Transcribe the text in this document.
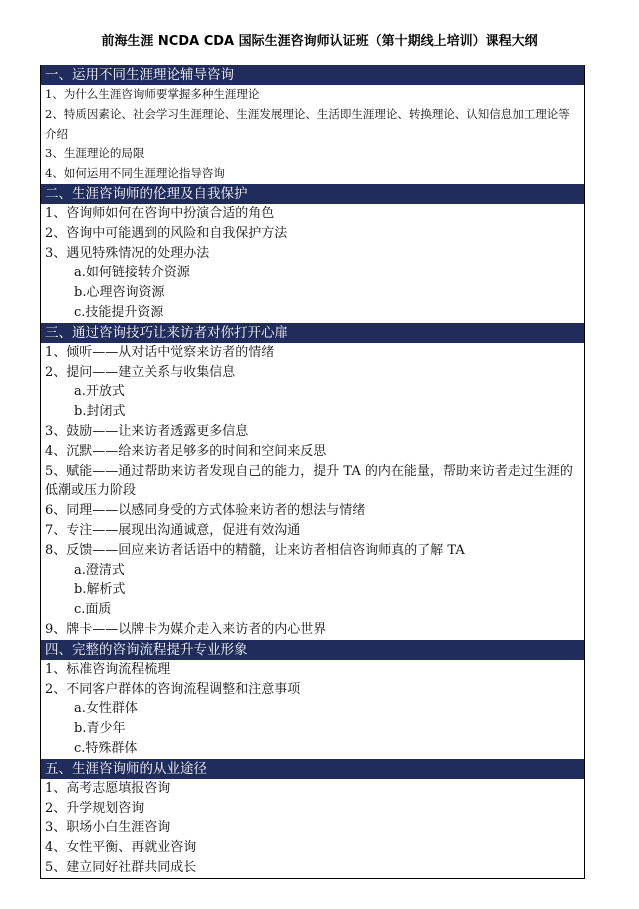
前海生涯 NCDA CDA 国际生涯咨询师认证班（第十期线上培训）课程大纲
一、运用不同生涯理论辅导咨询
1、为什么生涯咨询师要掌握多种生涯理论
2、特质因素论、社会学习生涯理论、生涯发展理论、生活即生涯理论、转换理论、认知信息加工理论等介绍
3、生涯理论的局限
4、如何运用不同生涯理论指导咨询
二、生涯咨询师的伦理及自我保护
1、咨询师如何在咨询中扮演合适的角色
2、咨询中可能遇到的风险和自我保护方法
3、遇见特殊情况的处理办法
a.如何链接转介资源
b.心理咨询资源
c.技能提升资源
三、通过咨询技巧让来访者对你打开心扉
1、倾听——从对话中觉察来访者的情绪
2、提问——建立关系与收集信息
a.开放式
b.封闭式
3、鼓励——让来访者透露更多信息
4、沉默——给来访者足够多的时间和空间来反思
5、赋能——通过帮助来访者发现自己的能力，提升 TA 的内在能量，帮助来访者走过生涯的低潮或压力阶段
6、同理——以感同身受的方式体验来访者的想法与情绪
7、专注——展现出沟通诚意，促进有效沟通
8、反馈——回应来访者话语中的精髓，让来访者相信咨询师真的了解 TA
a.澄清式
b.解析式
c.面质
9、牌卡——以牌卡为媒介走入来访者的内心世界
四、完整的咨询流程提升专业形象
1、标准咨询流程梳理
2、不同客户群体的咨询流程调整和注意事项
a.女性群体
b.青少年
c.特殊群体
五、生涯咨询师的从业途径
1、高考志愿填报咨询
2、升学规划咨询
3、职场小白生涯咨询
4、女性平衡、再就业咨询
5、建立同好社群共同成长
